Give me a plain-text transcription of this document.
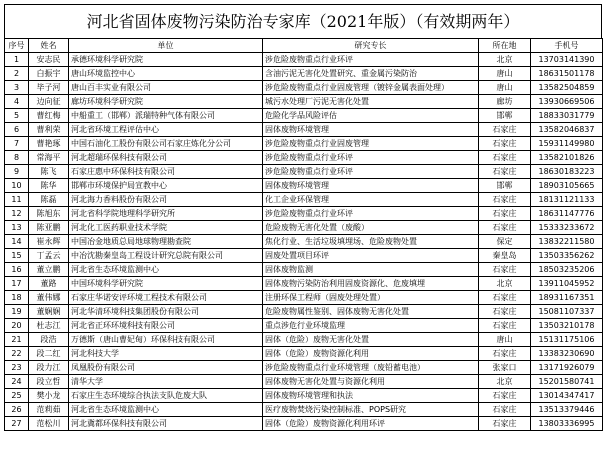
河北省固体废物污染防治专家库（2021年版）（有效期两年）
序号	姓名	单位	研究专长	所在地	手机号
1	安志民	承德环境科学研究院	涉危险废物重点行业环评	北京	13703141390
2	白振宇	唐山环境监控中心	含油污泥无害化处置研究、重金属污染防治	唐山	18631501178
3	毕子河	唐山百丰实业有限公司	涉危险废物重点行业固废管理（镀锌金属表面处理）	唐山	13582504859
4	边向征	廊坊环境科学研究院	城污水处理厂污泥无害化处置	廊坊	13930669506
5	曹红梅	中船重工（邯郸）派瑞特种气体有限公司	危险化学品风险评估	邯郸	18833031779
6	曹利荣	河北省环境工程评估中心	固体废物环境管理	石家庄	13582046837
7	曹艳琢	中国石油化工股份有限公司石家庄炼化分公司	涉危险废物重点行业固废管理	石家庄	15931149980
8	常海平	河北超瑞环保科技有限公司	涉危险废物重点行业环评	石家庄	13582101826
9	陈飞	石家庄惠中环保科技有限公司	涉危险废物重点行业环评	石家庄	18630183223
10	陈华	邯郸市环境保护局宣教中心	固体废物环境管理	邯郸	18903105665
11	陈磊	河北海力香料股份有限公司	化工企业环保管理	石家庄	18131121133
12	陈旭东	河北省科学院地理科学研究所	涉危险废物重点行业环评	石家庄	18631147776
13	陈亚鹏	河北化工医药职业技术学院	危险废物无害化处置（废酸）	石家庄	15333233672
14	崔永辉	中国冶金地质总局地球物理勘查院	焦化行业、生活垃圾填埋场、危险废物处置	保定	13832211580
15	丁孟云	中冶沈勘秦皇岛工程设计研究总院有限公司	固废处置项目环评	秦皇岛	13503356262
16	董立鹏	河北省生态环境监测中心	固体废物监测	石家庄	18503235206
17	董路	中国环境科学研究院	固体废物污染防治利用固废资源化、危废填埋	北京	13911045952
18	董伟娜	石家庄华诺安评环境工程技术有限公司	注册环保工程师（固废处理处置）	石家庄	18931167351
19	董娴娴	河北华清环境科技集团股份有限公司	危险废物属性鉴别、固体废物无害化处置	石家庄	15081107337
20	杜志江	河北省正环环境科技有限公司	重点涉危行业环境监理	石家庄	13503210178
21	段浩	万德斯（唐山曹妃甸）环保科技有限公司	固体（危险）废物无害化处置	唐山	15131175106
22	段二红	河北科技大学	固体（危险）废物资源化利用	石家庄	13383230690
23	段力江	凤凰股份有限公司	涉危险废物重点行业环境管理（废铅蓄电池）	张家口	13171926079
24	段立哲	清华大学	固体废物无害化处置与资源化利用	北京	15201580741
25	樊小龙	石家庄生态环境综合执法支队危废大队	固体废物环境管理和执法	石家庄	13014347417
26	范莉茹	河北省生态环境监测中心	医疗废物焚烧污染控制标准、POPS研究	石家庄	13513379446
27	范松川	河北冀都环保科技有限公司	固体（危险）废物资源化利用环评	石家庄	13803336995
